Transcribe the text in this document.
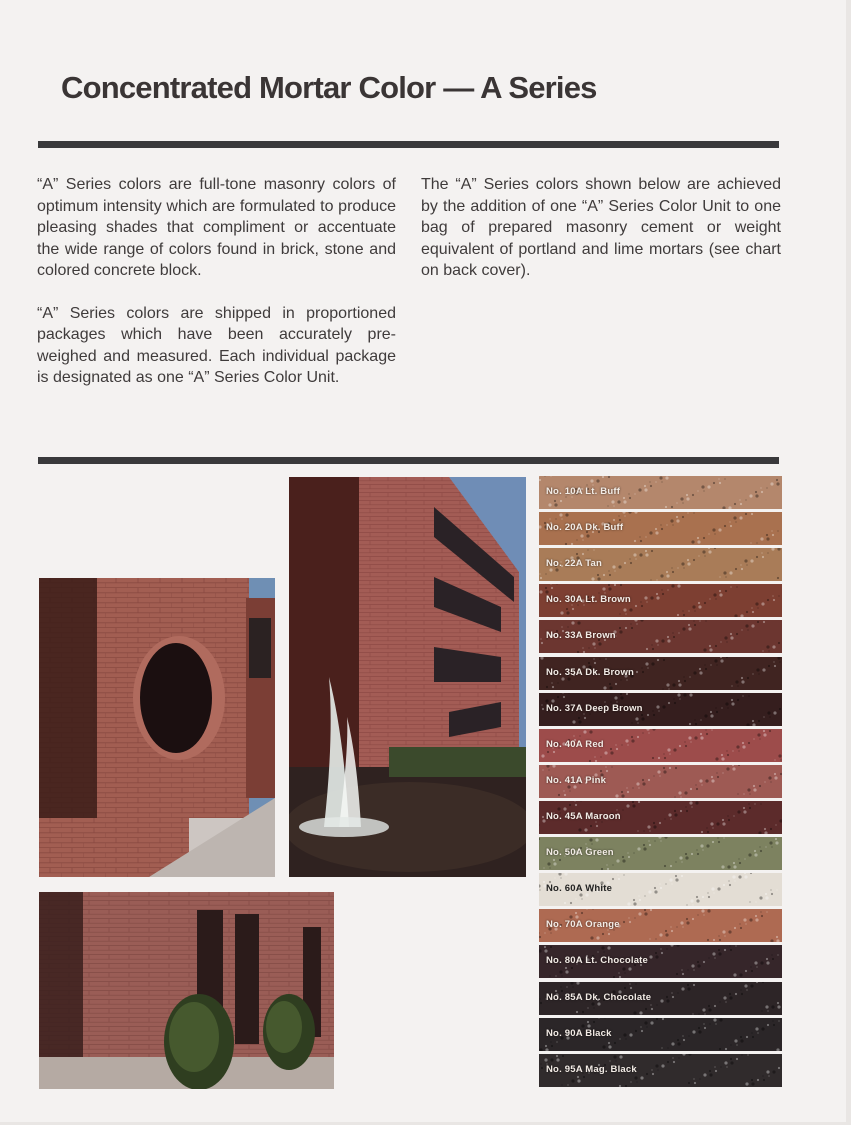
Concentrated Mortar Color — A Series

“A” Series colors are full-tone masonry colors of optimum intensity which are formulated to produce pleasing shades that compliment or accentuate the wide range of colors found in brick, stone and colored concrete block.

“A” Series colors are shipped in proportioned packages which have been accurately pre-weighed and measured. Each individual package is designated as one “A” Series Color Unit.

The “A” Series colors shown below are achieved by the addition of one “A” Series Color Unit to one bag of prepared masonry cement or weight equivalent of portland and lime mortars (see chart on back cover).

No. 10A Lt. Buff
No. 20A Dk. Buff
No. 22A Tan
No. 30A Lt. Brown
No. 33A Brown
No. 35A Dk. Brown
No. 37A Deep Brown
No. 40A Red
No. 41A Pink
No. 45A Maroon
No. 50A Green
No. 60A White
No. 70A Orange
No. 80A Lt. Chocolate
No. 85A Dk. Chocolate
No. 90A Black
No. 95A Mag. Black
